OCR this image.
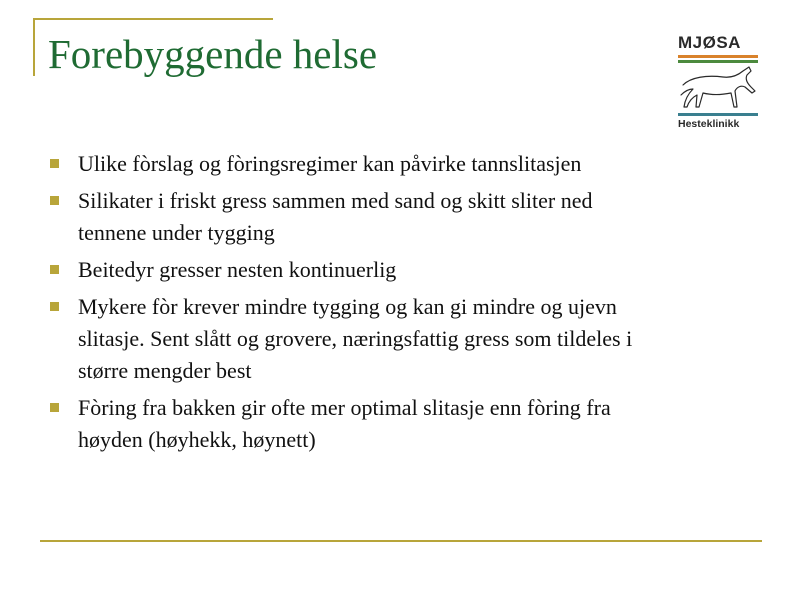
Forebyggende helse	MJØSA
Hesteklinikk
Ulike fòrslag og fòringsregimer kan påvirke tannslitasjen
Silikater i friskt gress sammen med sand og skitt sliter ned tennene under tygging
Beitedyr gresser nesten kontinuerlig
Mykere fòr krever mindre tygging og kan gi mindre og ujevn slitasje. Sent slått og grovere, næringsfattig gress som tildeles i større mengder best
Fòring fra bakken gir ofte mer optimal slitasje enn fòring fra høyden (høyhekk, høynett)
